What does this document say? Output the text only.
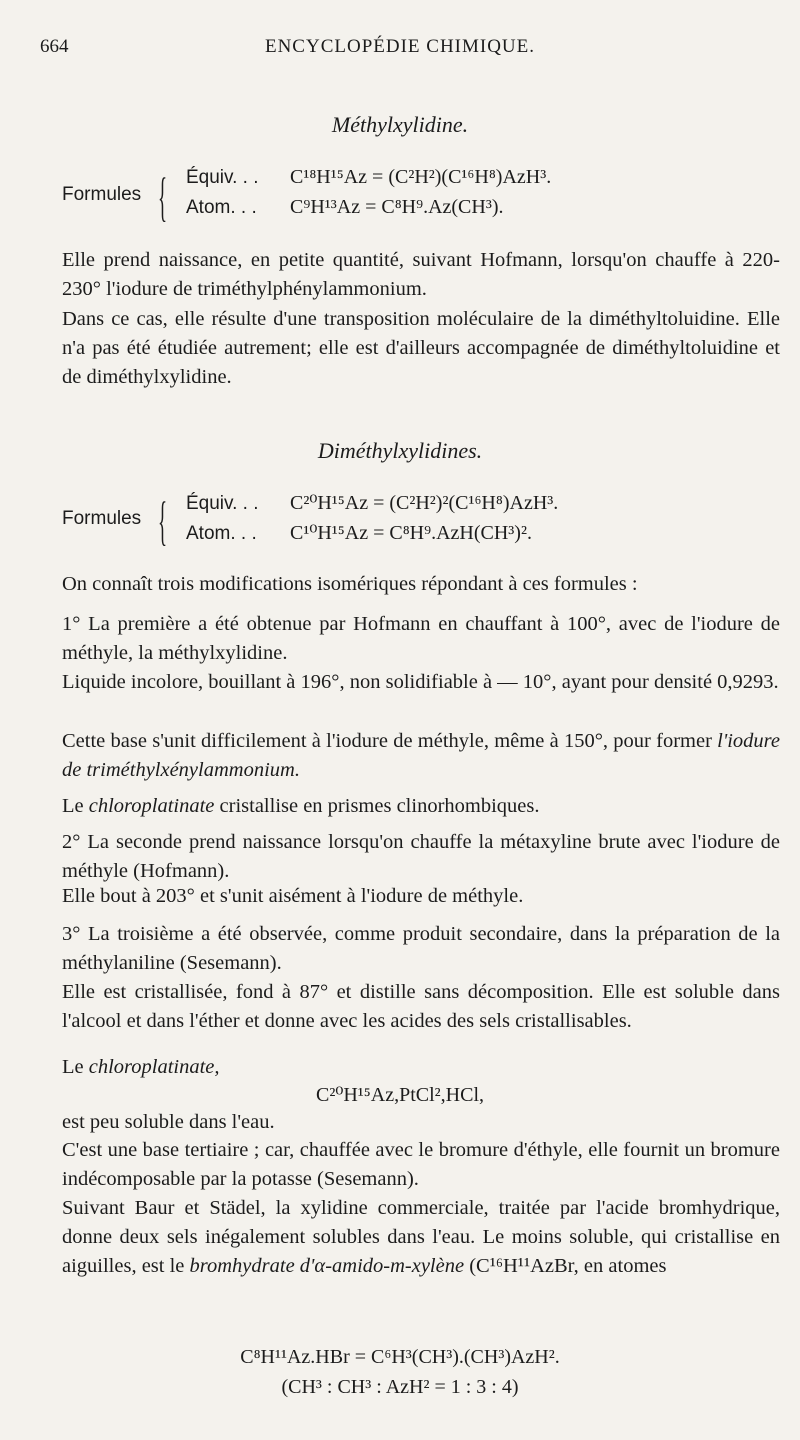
664	ENCYCLOPÉDIE CHIMIQUE.
Méthylxylidine.
Formules { Équiv. . . C¹⁸H¹⁵Az = (C²H²)(C¹⁶H⁸)AzH³.
Atom. . . C⁹H¹³Az = C⁸H⁹.Az(CH³).

Elle prend naissance, en petite quantité, suivant Hofmann, lorsqu'on chauffe à 220-230° l'iodure de triméthylphénylammonium.

Dans ce cas, elle résulte d'une transposition moléculaire de la diméthyltoluidine. Elle n'a pas été étudiée autrement; elle est d'ailleurs accompagnée de diméthyltoluidine et de diméthylxylidine.

Diméthylxylidines.
Formules { Équiv. . . C²⁰H¹⁵Az = (C²H²)²(C¹⁶H⁸)AzH³.
Atom. . . C¹⁰H¹⁵Az = C⁸H⁹.AzH(CH³)².

On connaît trois modifications isomériques répondant à ces formules :

1° La première a été obtenue par Hofmann en chauffant à 100°, avec de l'iodure de méthyle, la méthylxylidine.

Liquide incolore, bouillant à 196°, non solidifiable à — 10°, ayant pour densité 0,9293.

Cette base s'unit difficilement à l'iodure de méthyle, même à 150°, pour former l'iodure de triméthylxénylammonium.

Le chloroplatinate cristallise en prismes clinorhombiques.

2° La seconde prend naissance lorsqu'on chauffe la métaxyline brute avec l'iodure de méthyle (Hofmann).

Elle bout à 203° et s'unit aisément à l'iodure de méthyle.

3° La troisième a été observée, comme produit secondaire, dans la préparation de la méthylaniline (Sesemann).

Elle est cristallisée, fond à 87° et distille sans décomposition. Elle est soluble dans l'alcool et dans l'éther et donne avec les acides des sels cristallisables.

Le chloroplatinate,

C²⁰H¹⁵Az,PtCl²,HCl,

est peu soluble dans l'eau.

C'est une base tertiaire ; car, chauffée avec le bromure d'éthyle, elle fournit un bromure indécomposable par la potasse (Sesemann).

Suivant Baur et Städel, la xylidine commerciale, traitée par l'acide bromhydrique, donne deux sels inégalement solubles dans l'eau. Le moins soluble, qui cristallise en aiguilles, est le bromhydrate d'α-amido-m-xylène (C¹⁶H¹¹AzBr, en atomes

C⁸H¹¹Az.HBr = C⁶H³(CH³).(CH³)AzH².
(CH³ : CH³ : AzH² = 1 : 3 : 4)
